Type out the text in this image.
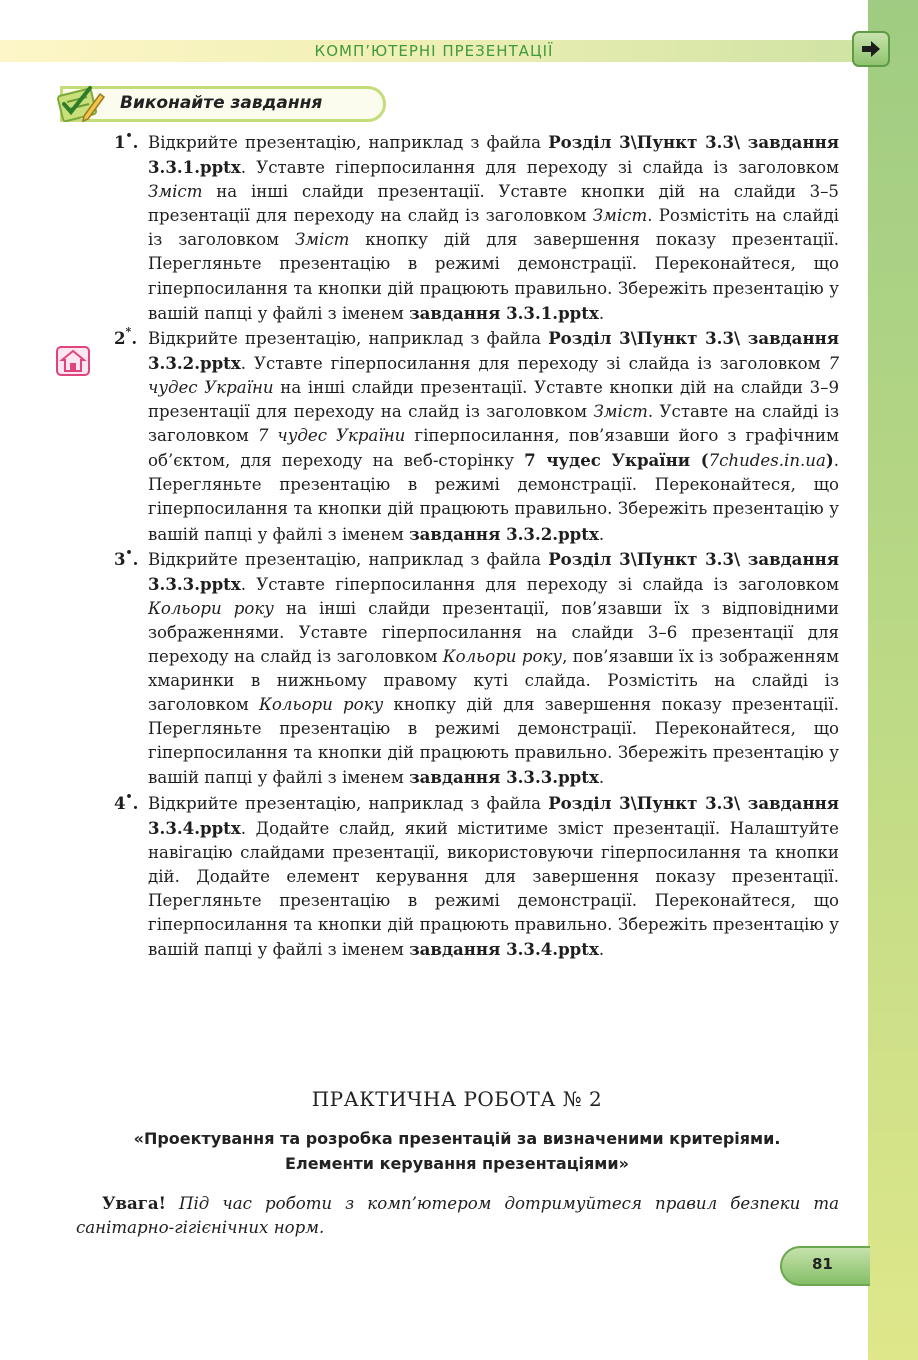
КОМП’ЮТЕРНІ ПРЕЗЕНТАЦІЇ
Виконайте завдання
1•. Відкрийте презентацію, наприклад з файла Розділ 3\Пункт 3.3\ завдання 3.3.1.pptx. Уставте гіперпосилання для переходу зі слайда із заголовком Зміст на інші слайди презентації. Уставте кнопки дій на слайди 3–5 презентації для переходу на слайд із заголовком Зміст. Розмістіть на слайді із заголовком Зміст кнопку дій для завершення показу презентації. Перегляньте презентацію в режимі демонстрації. Переконайтеся, що гіперпосилання та кнопки дій працюють правильно. Збережіть презентацію у вашій папці у файлі з іменем завдання 3.3.1.pptx.
2*. Відкрийте презентацію, наприклад з файла Розділ 3\Пункт 3.3\ завдання 3.3.2.pptx. Уставте гіперпосилання для переходу зі слайда із заголовком 7 чудес України на інші слайди презентації. Уставте кнопки дій на слайди 3–9 презентації для переходу на слайд із заголовком Зміст. Уставте на слайді із заголовком 7 чудес України гіперпосилання, пов’язавши його з графічним об’єктом, для переходу на веб-сторінку 7 чудес України (7chudes.in.ua). Перегляньте презентацію в режимі демонстрації. Переконайтеся, що гіперпосилання та кнопки дій працюють правильно. Збережіть презентацію у вашій папці у файлі з іменем завдання 3.3.2.pptx.
3•. Відкрийте презентацію, наприклад з файла Розділ 3\Пункт 3.3\ завдання 3.3.3.pptx. Уставте гіперпосилання для переходу зі слайда із заголовком Кольори року на інші слайди презентації, пов’язавши їх з відповідними зображеннями. Уставте гіперпосилання на слайди 3–6 презентації для переходу на слайд із заголовком Кольори року, пов’язавши їх із зображенням хмаринки в нижньому правому куті слайда. Розмістіть на слайді із заголовком Кольори року кнопку дій для завершення показу презентації. Перегляньте презентацію в режимі демонстрації. Переконайтеся, що гіперпосилання та кнопки дій працюють правильно. Збережіть презентацію у вашій папці у файлі з іменем завдання 3.3.3.pptx.
4•. Відкрийте презентацію, наприклад з файла Розділ 3\Пункт 3.3\ завдання 3.3.4.pptx. Додайте слайд, який міститиме зміст презентації. Налаштуйте навігацію слайдами презентації, використовуючи гіперпосилання та кнопки дій. Додайте елемент керування для завершення показу презентації. Перегляньте презентацію в режимі демонстрації. Переконайтеся, що гіперпосилання та кнопки дій працюють правильно. Збережіть презентацію у вашій папці у файлі з іменем завдання 3.3.4.pptx.
ПРАКТИЧНА РОБОТА № 2
«Проектування та розробка презентацій за визначеними критеріями.
Елементи керування презентаціями»
Увага! Під час роботи з комп’ютером дотримуйтеся правил безпеки та санітарно-гігієнічних норм.
81
